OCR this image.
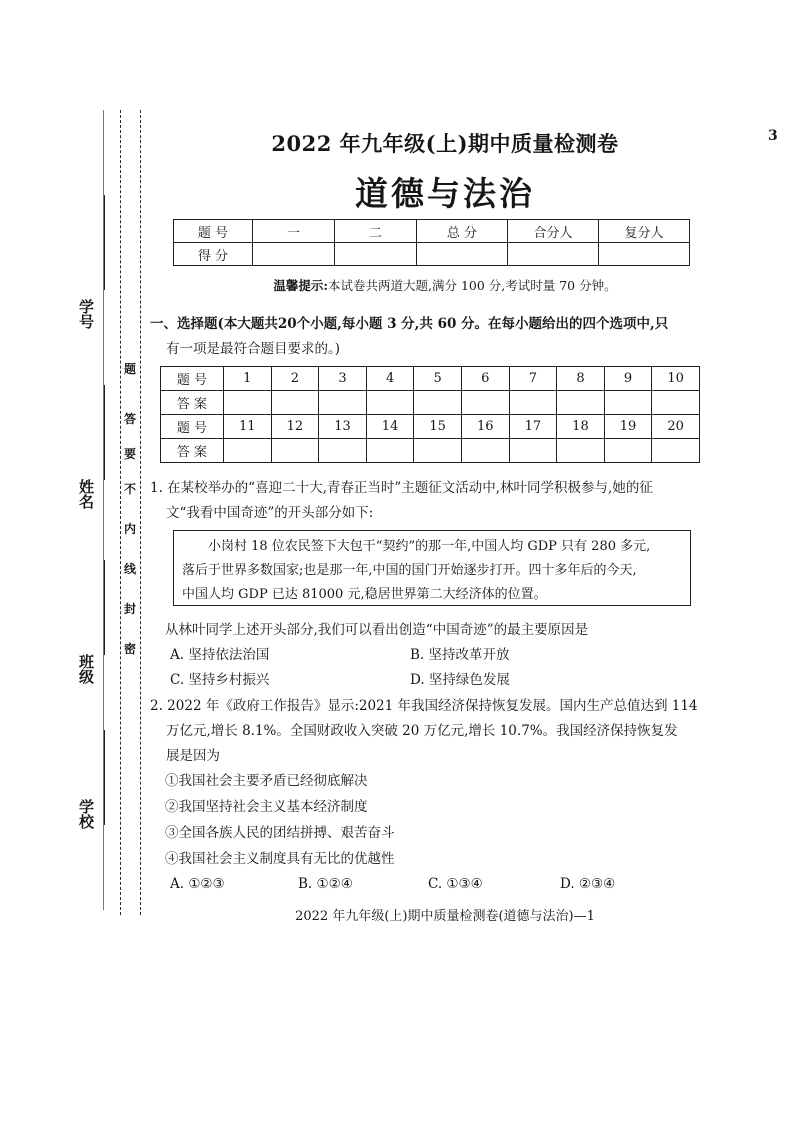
学 号
姓 名
班 级
学 校
题
答
要
不
内
线
封
密
3
2022 年九年级(上)期中质量检测卷
道德与法治
题 号	一	二	总 分	合分人	复分人
得 分					
温馨提示:本试卷共两道大题,满分 100 分,考试时量 70 分钟。
一、选择题(本大题共20个小题,每小题 3 分,共 60 分。在每小题给出的四个选项中,只
有一项是最符合题目要求的。)
题 号	1	2	3	4	5	6	7	8	9	10
答 案										
题 号	11	12	13	14	15	16	17	18	19	20
答 案										
1. 在某校举办的“喜迎二十大,青春正当时”主题征文活动中,林叶同学积极参与,她的征
文“我看中国奇迹”的开头部分如下:
小岗村 18 位农民签下大包干“契约”的那一年,中国人均 GDP 只有 280 多元,
落后于世界多数国家;也是那一年,中国的国门开始逐步打开。四十多年后的今天,
中国人均 GDP 已达 81000 元,稳居世界第二大经济体的位置。
从林叶同学上述开头部分,我们可以看出创造“中国奇迹”的最主要原因是
A. 坚持依法治国	B. 坚持改革开放
C. 坚持乡村振兴	D. 坚持绿色发展
2. 2022 年《政府工作报告》显示:2021 年我国经济保持恢复发展。国内生产总值达到 114
万亿元,增长 8.1%。全国财政收入突破 20 万亿元,增长 10.7%。我国经济保持恢复发
展是因为
①我国社会主要矛盾已经彻底解决
②我国坚持社会主义基本经济制度
③全国各族人民的团结拼搏、艰苦奋斗
④我国社会主义制度具有无比的优越性
A. ①②③	B. ①②④	C. ①③④	D. ②③④
2022 年九年级(上)期中质量检测卷(道德与法治)—1
